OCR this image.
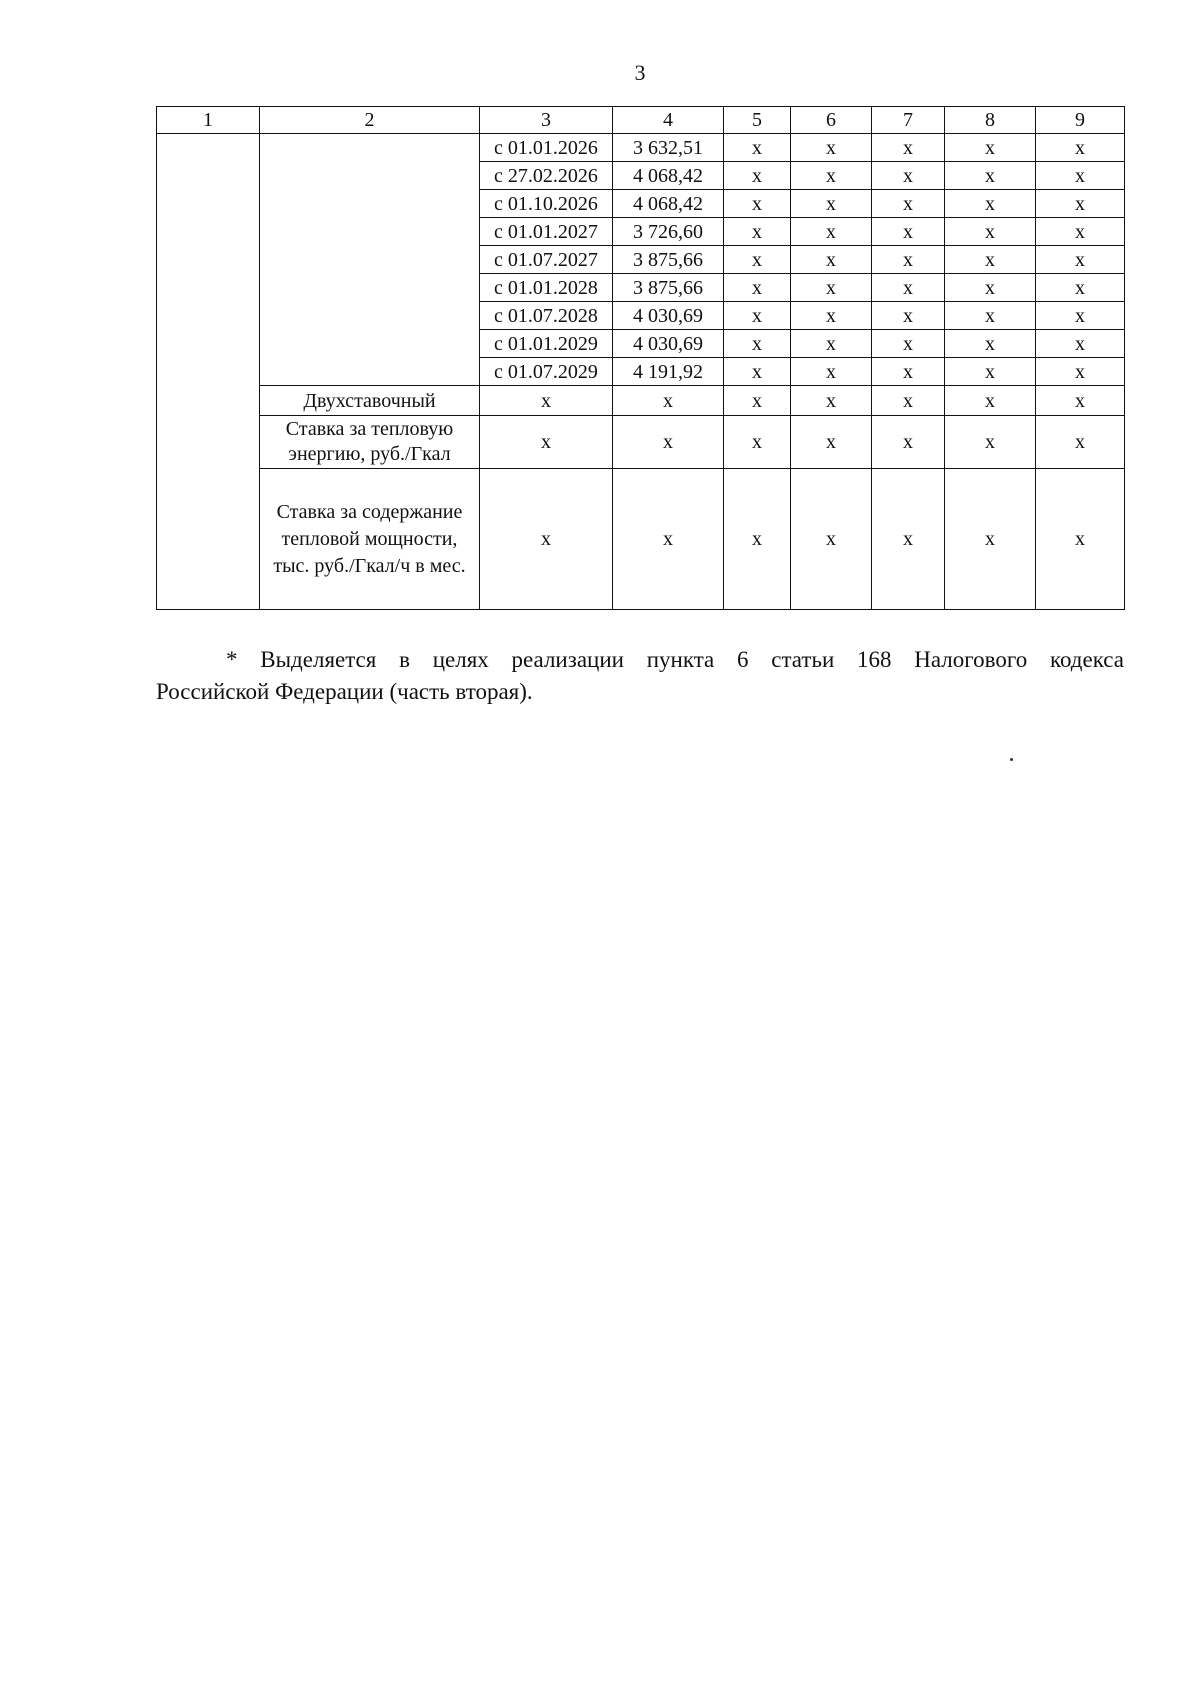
3
1	2	3	4	5	6	7	8	9
		с 01.01.2026	3 632,51	х	х	х	х	х
		с 27.02.2026	4 068,42	х	х	х	х	х
		с 01.10.2026	4 068,42	х	х	х	х	х
		с 01.01.2027	3 726,60	х	х	х	х	х
		с 01.07.2027	3 875,66	х	х	х	х	х
		с 01.01.2028	3 875,66	х	х	х	х	х
		с 01.07.2028	4 030,69	х	х	х	х	х
		с 01.01.2029	4 030,69	х	х	х	х	х
		с 01.07.2029	4 191,92	х	х	х	х	х
	Двухставочный	х	х	х	х	х	х	х
	Ставка за тепловую энергию, руб./Гкал	х	х	х	х	х	х	х
	Ставка за содержание тепловой мощности, тыс. руб./Гкал/ч в мес.	х	х	х	х	х	х	х
* Выделяется в целях реализации пункта 6 статьи 168 Налогового кодекса
Российской Федерации (часть вторая).
